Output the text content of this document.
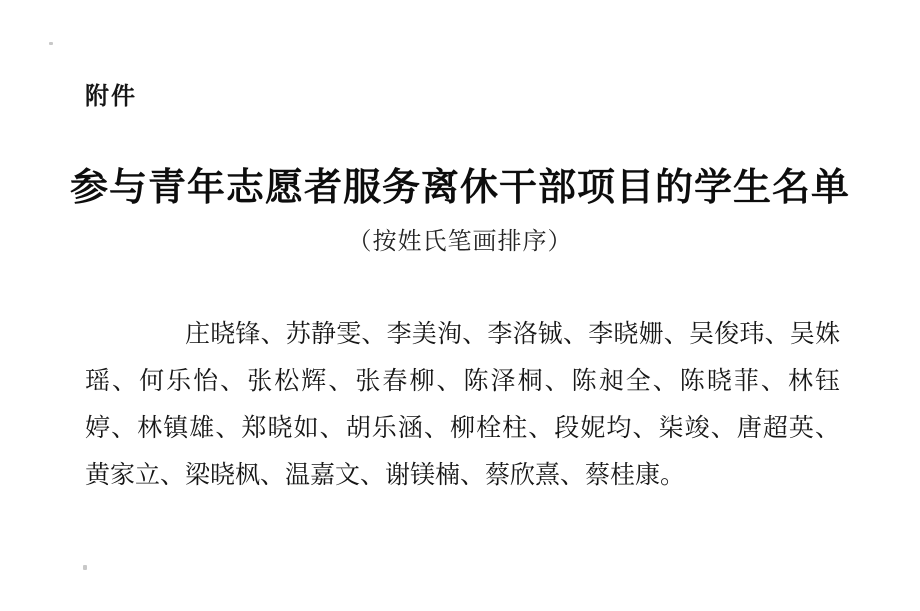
附件
参与青年志愿者服务离休干部项目的学生名单
（按姓氏笔画排序）
庄晓锋、苏静雯、李美洵、李洛铖、李晓姗、吴俊玮、吴姝
瑶、何乐怡、张松辉、张春柳、陈泽桐、陈昶全、陈晓菲、林钰
婷、林镇雄、郑晓如、胡乐涵、柳栓柱、段妮均、柒竣、唐超英、
黄家立、梁晓枫、温嘉文、谢镁楠、蔡欣熹、蔡桂康。
